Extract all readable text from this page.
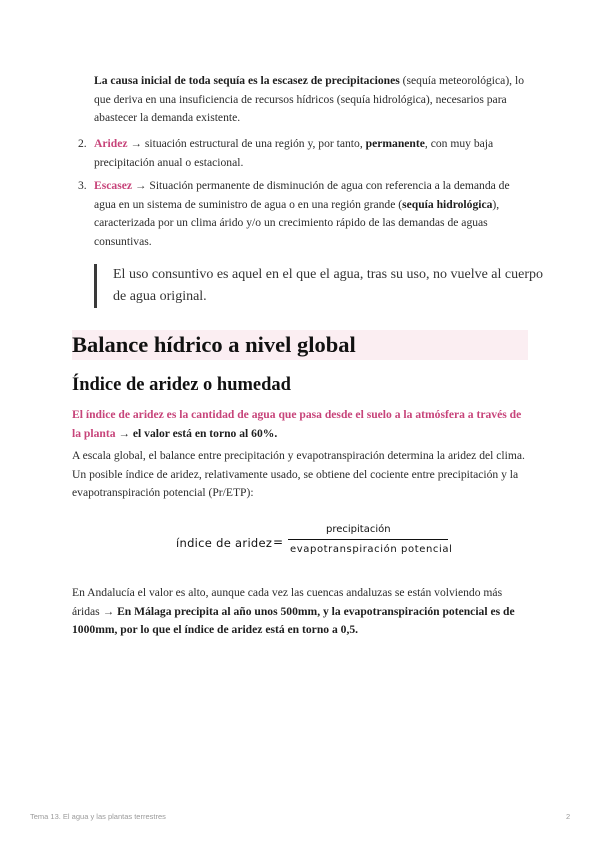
La causa inicial de toda sequía es la escasez de precipitaciones (sequía meteorológica), lo que deriva en una insuficiencia de recursos hídricos (sequía hidrológica), necesarios para abastecer la demanda existente.
2. Aridez → situación estructural de una región y, por tanto, permanente, con muy baja precipitación anual o estacional.
3. Escasez → Situación permanente de disminución de agua con referencia a la demanda de agua en un sistema de suministro de agua o en una región grande (sequía hidrológica), caracterizada por un clima árido y/o un crecimiento rápido de las demandas de aguas consuntivas.
El uso consuntivo es aquel en el que el agua, tras su uso, no vuelve al cuerpo de agua original.
Balance hídrico a nivel global
Índice de aridez o humedad
El índice de aridez es la cantidad de agua que pasa desde el suelo a la atmósfera a través de la planta → el valor está en torno al 60%.
A escala global, el balance entre precipitación y evapotranspiración determina la aridez del clima. Un posible índice de aridez, relativamente usado, se obtiene del cociente entre precipitación y la evapotranspiración potencial (Pr/ETP):
índice de aridez =
precipitación
evapotranspiración potencial
En Andalucía el valor es alto, aunque cada vez las cuencas andaluzas se están volviendo más áridas → En Málaga precipita al año unos 500mm, y la evapotranspiración potencial es de 1000mm, por lo que el índice de aridez está en torno a 0,5.
Tema 13. El agua y las plantas terrestres	2
